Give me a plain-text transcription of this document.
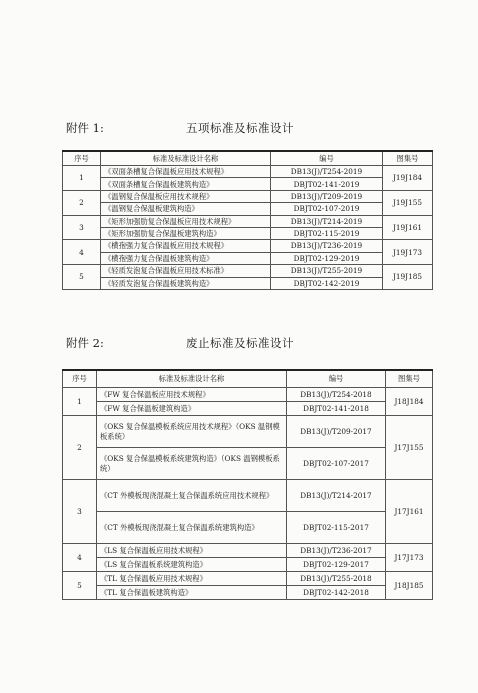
附件 1:	五项标准及标准设计
序号	标准及标准设计名称	编号	图集号
1	《双面条槽复合保温板应用技术规程》	DB13(J)/T254-2019	J19J184
	《双面条槽复合保温板建筑构造》	DBJT02-141-2019	
2	《温钢复合保温板应用技术规程》	DB13(J)/T209-2019	J19J155
	《温钢复合保温板建筑构造》	DBJT02-107-2019	
3	《矩形加强肋复合保温板应用技术规程》	DB13(J)/T214-2019	J19J161
	《矩形加强肋复合保温板建筑构造》	DBJT02-115-2019	
4	《横孢强力复合保温板应用技术规程》	DB13(J)/T236-2019	J19J173
	《横孢强力复合保温板建筑构造》	DBJT02-129-2019	
5	《轻质发泡复合保温板应用技术标准》	DB13(J)/T255-2019	J19J185
	《轻质发泡复合保温板建筑构造》	DBJT02-142-2019	
附件 2:	废止标准及标准设计
序号	标准及标准设计名称	编号	图集号
1	《FW 复合保温板应用技术规程》	DB13(J)/T254-2018	J18J184
	《FW 复合保温板建筑构造》	DBJT02-141-2018	
2	《OKS 复合保温模板系统应用技术规程》（OKS 温钢模板系统）	DB13(J)/T209-2017	J17J155
	《OKS 复合保温模板系统建筑构造》（OKS 温钢模板系统）	DBJT02-107-2017	
3	《CT 外模板现浇混凝土复合保温系统应用技术规程》	DB13(J)/T214-2017	J17J161
	《CT 外模板现浇混凝土复合保温系统建筑构造》	DBJT02-115-2017	
4	《LS 复合保温板应用技术规程》	DB13(J)/T236-2017	J17J173
	《LS 复合保温板系统建筑构造》	DBJT02-129-2017	
5	《TL 复合保温板应用技术规程》	DB13(J)/T255-2018	J18J185
	《TL 复合保温板建筑构造》	DBJT02-142-2018	
